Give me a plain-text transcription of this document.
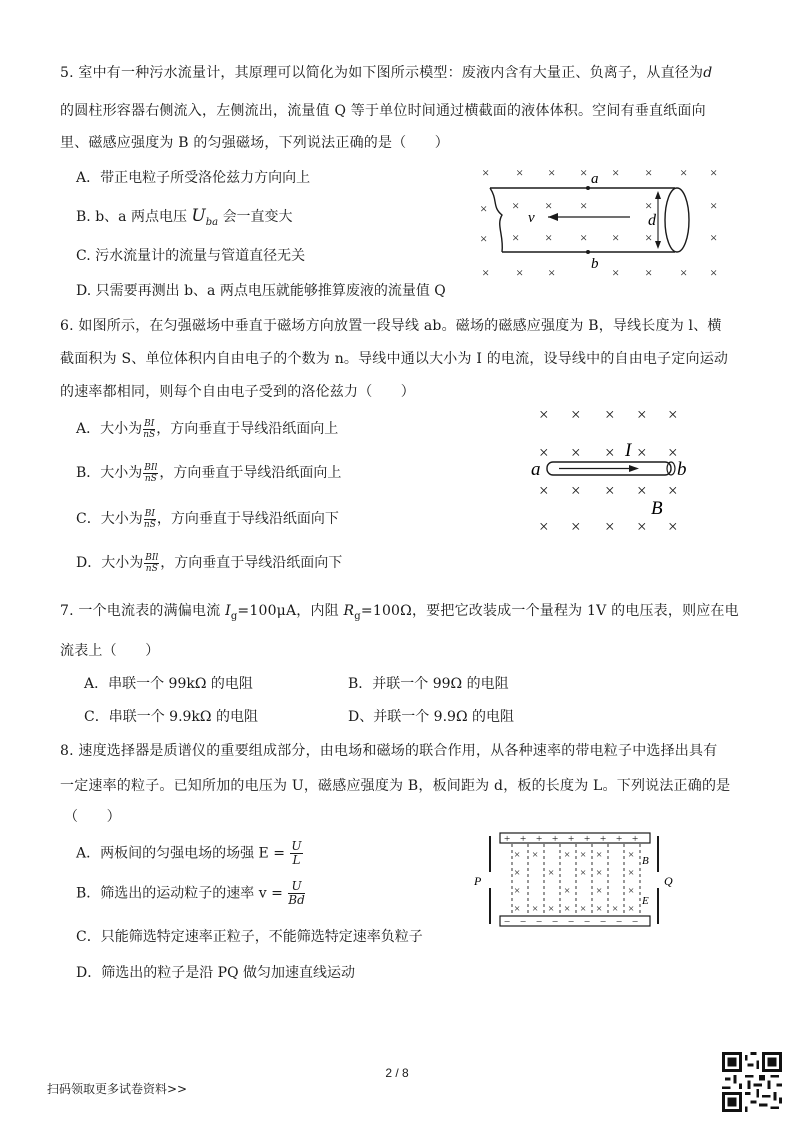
5. 室中有一种污水流量计，其原理可以简化为如下图所示模型：废液内含有大量正、负离子，从直径为d
的圆柱形容器右侧流入，左侧流出，流量值 Q 等于单位时间通过横截面的液体体积。空间有垂直纸面向
里、磁感应强度为 B 的匀强磁场，下列说法正确的是（　　）
A．带正电粒子所受洛伦兹力方向向上
B. b、a 两点电压 $U_{ba}$ 会一直变大
C. 污水流量计的流量与管道直径无关
D. 只需要再测出 b、a 两点电压就能够推算废液的流量值 Q
× × × × × × × ×
× × × ×	×	×
× × × × × ×	×
× × ×	× × × ×
a
b
v	d
6. 如图所示，在匀强磁场中垂直于磁场方向放置一段导线 ab。磁场的磁感应强度为 B，导线长度为 l、横
截面积为 S、单位体积内自由电子的个数为 n。导线中通以大小为 I 的电流，设导线中的自由电子定向运动
的速率都相同，则每个自由电子受到的洛伦兹力（　　）
A．大小为 $\frac{BI}{nS}$ ，方向垂直于导线沿纸面向上
B．大小为 $\frac{\text{BIl}}{nS}$ ，方向垂直于导线沿纸面向上
C．大小为 $\frac{BI}{nS}$ ，方向垂直于导线沿纸面向下
D．大小为 $\frac{\text{BIl}}{nS}$ ，方向垂直于导线沿纸面向下
× × × × ×
× × × × ×
× × × × ×
× × × × ×
a	b
I
B
7. 一个电流表的满偏电流 $I_g=100\mu A$，内阻 $R_g=100\Omega$，要把它改装成一个量程为 1V 的电压表，则应在电
流表上（　　）
A．串联一个 99kΩ 的电阻	B．并联一个 99Ω 的电阻
C．串联一个 9.9kΩ 的电阻	D、并联一个 9.9Ω 的电阻
8. 速度选择器是质谱仪的重要组成部分，由电场和磁场的联合作用，从各种速率的带电粒子中选择出具有
一定速率的粒子。已知所加的电压为 U，磁感应强度为 B，板间距为 d，板的长度为 L。下列说法正确的是
（　　）
A．两板间的匀强电场的场强 $E = \frac{U}{L}$
B．筛选出的运动粒子的速率 $v = \frac{U}{Bd}$
C．只能筛选特定速率正粒子，不能筛选特定速率负粒子
D．筛选出的粒子是沿 PQ 做匀加速直线运动
+ + + + + + + + +
− − − − − − − − −
× × × × × ×
×	× × × ×
×	× × ×
× × × × × × × ×
P	Q
B
E
2 / 8
扫码领取更多试卷资料>>
